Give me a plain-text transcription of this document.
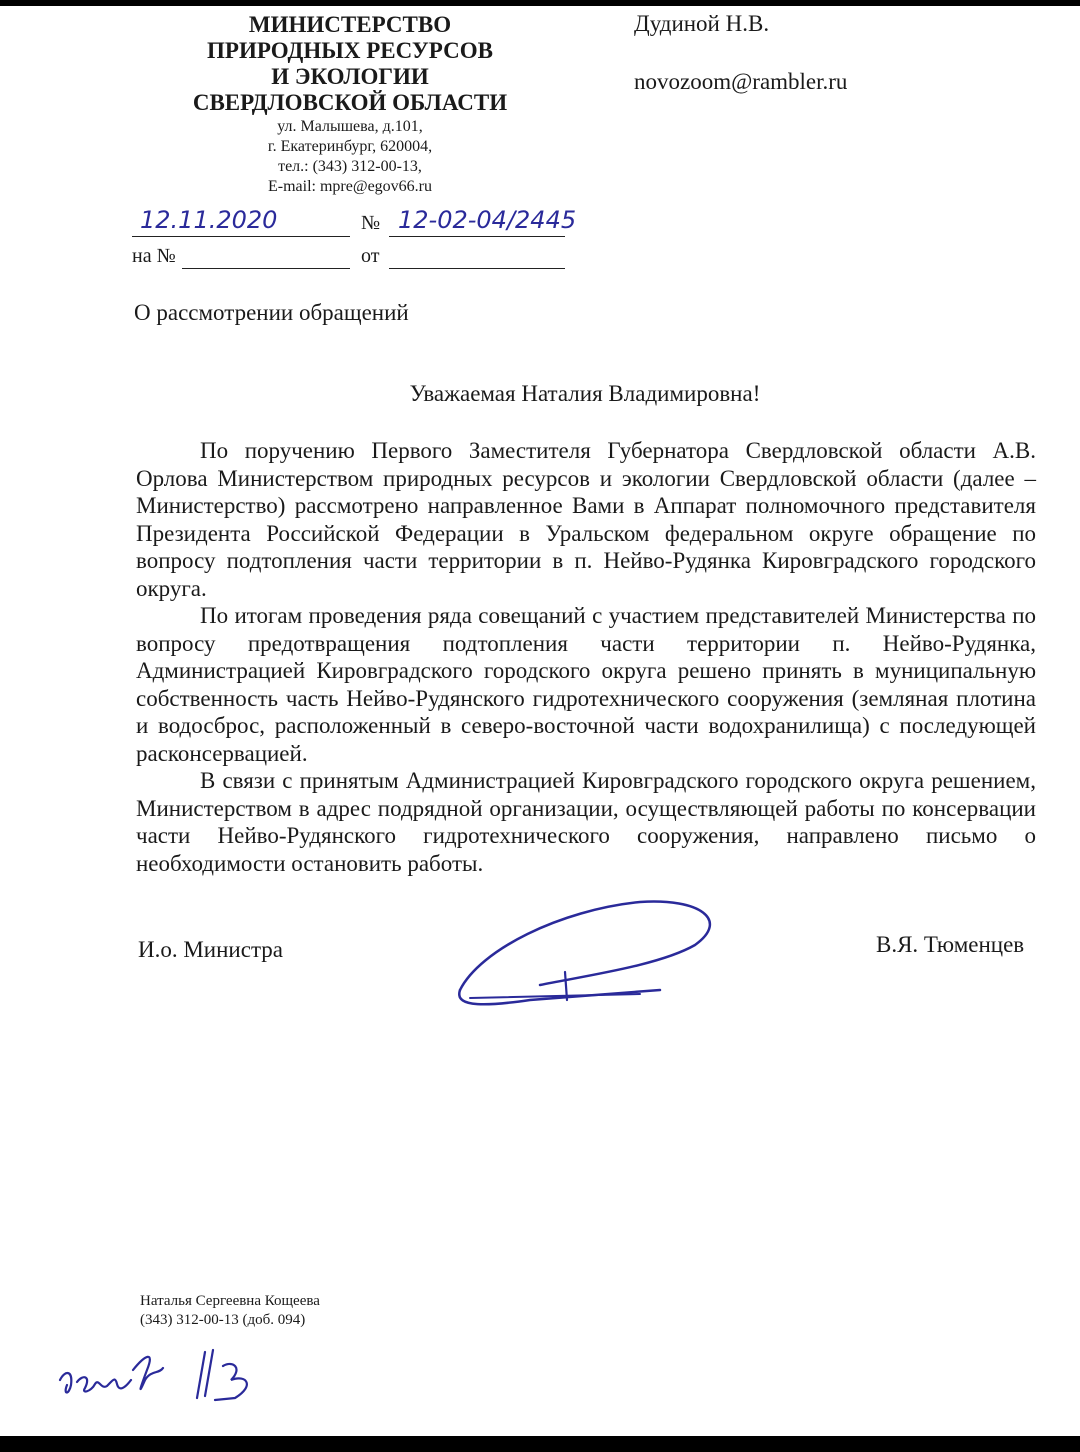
МИНИСТЕРСТВО
ПРИРОДНЫХ РЕСУРСОВ
И ЭКОЛОГИИ
СВЕРДЛОВСКОЙ ОБЛАСТИ
ул. Малышева, д.101,
г. Екатеринбург, 620004,
тел.: (343) 312-00-13,
E-mail: mpre@egov66.ru
Дудиной Н.В.
novozoom@rambler.ru
12.11.2020	№ 12-02-04/2445
на №	от
О рассмотрении обращений
Уважаемая Наталия Владимировна!

По поручению Первого Заместителя Губернатора Свердловской области А.В. Орлова Министерством природных ресурсов и экологии Свердловской области (далее – Министерство) рассмотрено направленное Вами в Аппарат полномочного представителя Президента Российской Федерации в Уральском федеральном округе обращение по вопросу подтопления части территории в п. Нейво-Рудянка Кировградского городского округа.

По итогам проведения ряда совещаний с участием представителей Министерства по вопросу предотвращения подтопления части территории п. Нейво-Рудянка, Администрацией Кировградского городского округа решено принять в муниципальную собственность часть Нейво-Рудянского гидротехнического сооружения (земляная плотина и водосброс, расположенный в северо-восточной части водохранилища) с последующей расконсервацией.

В связи с принятым Администрацией Кировградского городского округа решением, Министерством в адрес подрядной организации, осуществляющей работы по консервации части Нейво-Рудянского гидротехнического сооружения, направлено письмо о необходимости остановить работы.

И.о. Министра	В.Я. Тюменцев
Наталья Сергеевна Кощеева
(343) 312-00-13 (доб. 094)
